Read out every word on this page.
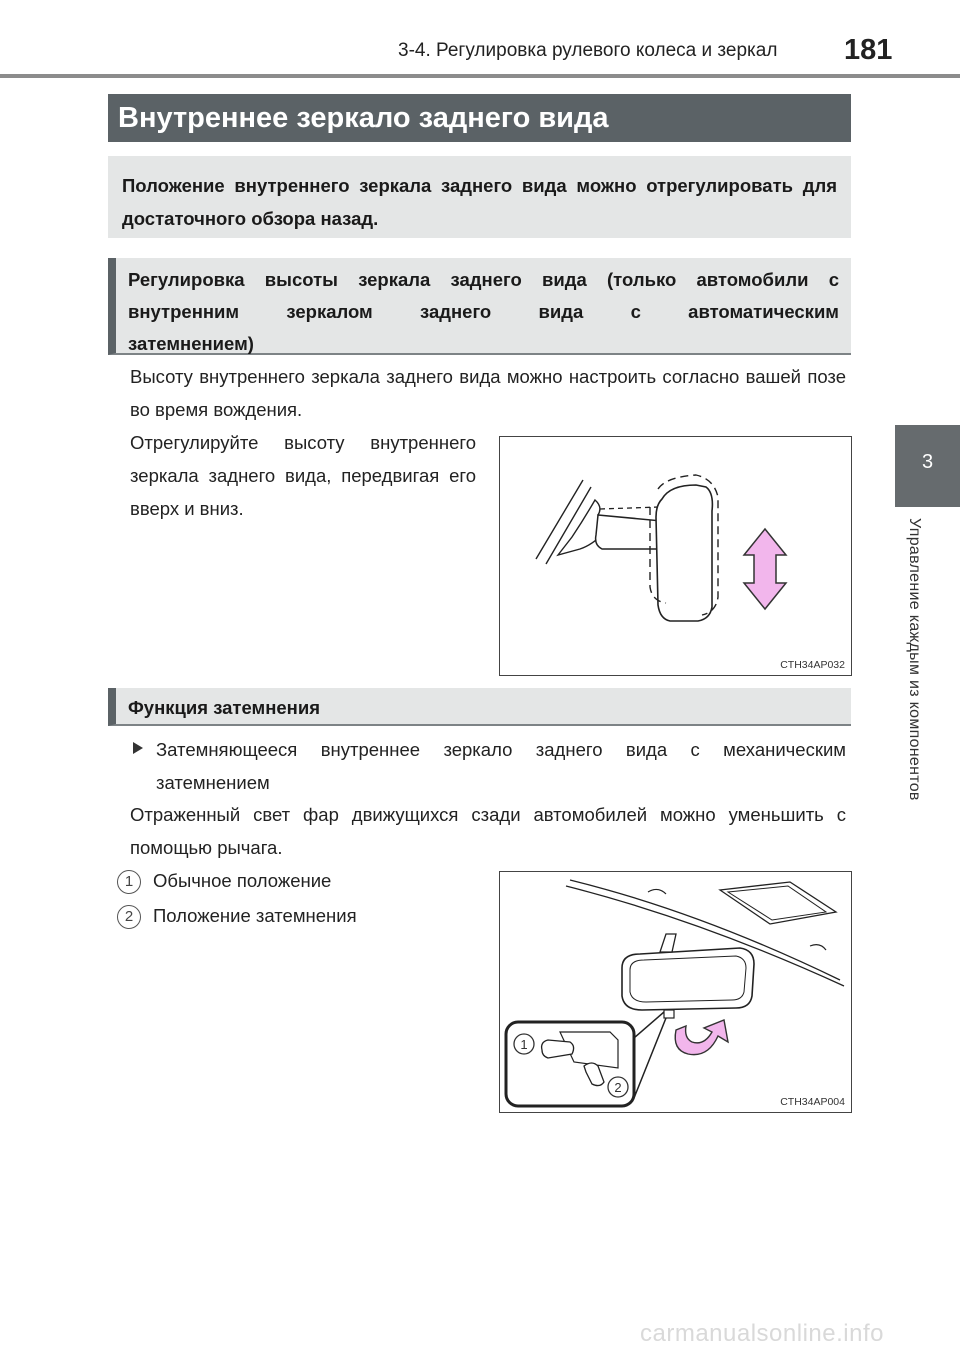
3-4. Регулировка рулевого колеса и зеркал 181
3
Управление каждым из компонентов
Внутреннее зеркало заднего вида
Положение внутреннего зеркала заднего вида можно отрегулировать для достаточного обзора назад.
Регулировка высоты зеркала заднего вида (только автомобили с внутренним зеркалом заднего вида с автоматическим
затемнением)
Высоту внутреннего зеркала заднего вида можно настроить согласно вашей позе во время вождения.
Отрегулируйте высоту внутреннего зеркала заднего вида, передвигая его вверх и вниз.
CTH34AP032
Функция затемнения
Затемняющееся внутреннее зеркало заднего вида с механическим затемнением
Отраженный свет фар движущихся сзади автомобилей можно уменьшить с помощью рычага.
1 Обычное положение
2 Положение затемнения
1
2
CTH34AP004
carmanualsonline.info
